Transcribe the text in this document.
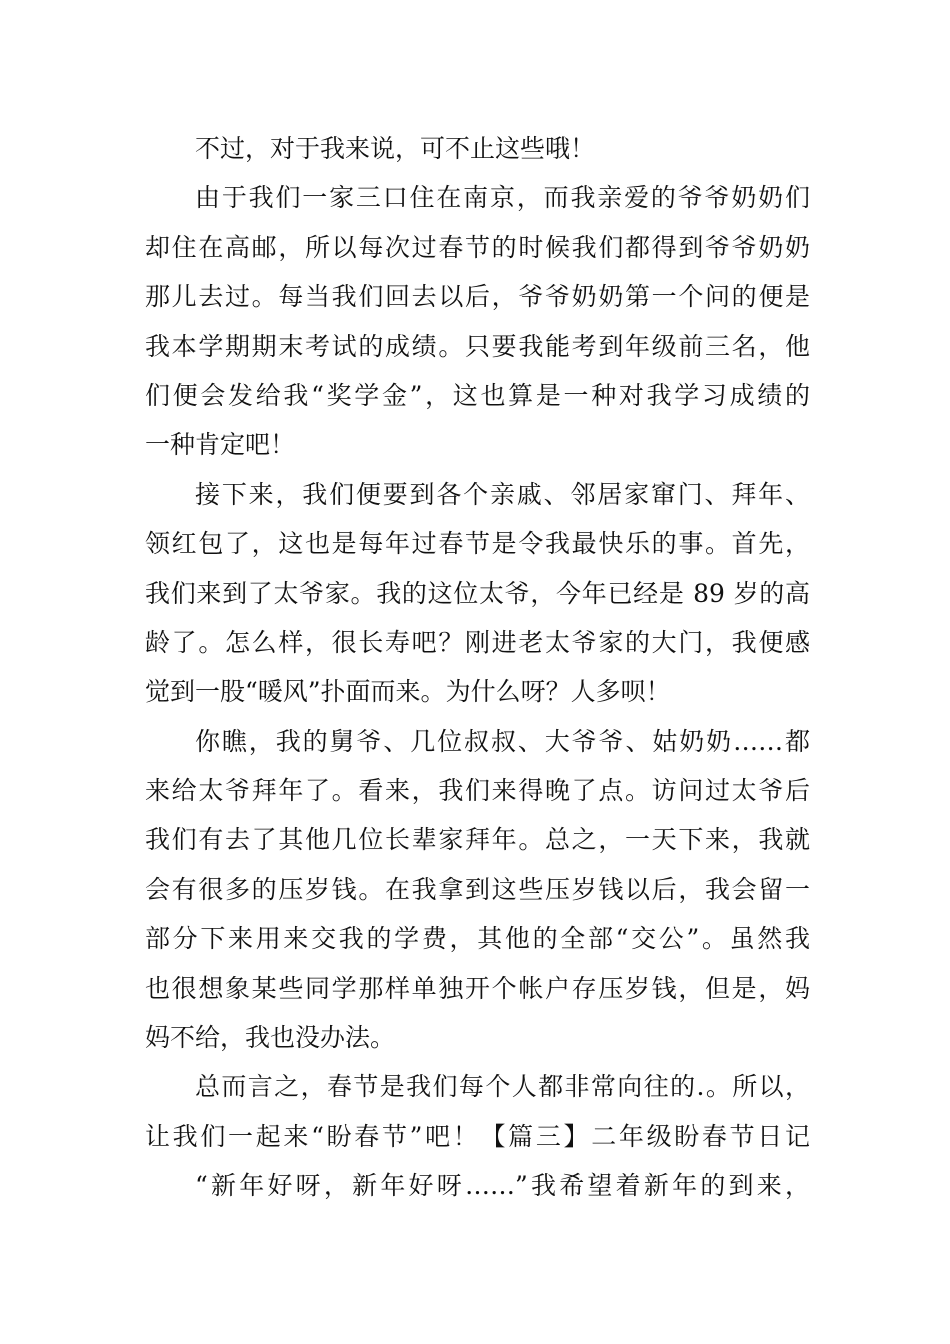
不过，对于我来说，可不止这些哦！
由于我们一家三口住在南京，而我亲爱的爷爷奶奶们
却住在高邮，所以每次过春节的时候我们都得到爷爷奶奶
那儿去过。每当我们回去以后，爷爷奶奶第一个问的便是
我本学期期末考试的成绩。只要我能考到年级前三名，他
们便会发给我“奖学金”，这也算是一种对我学习成绩的
一种肯定吧！
接下来，我们便要到各个亲戚、邻居家窜门、拜年、
领红包了，这也是每年过春节是令我最快乐的事。首先，
我们来到了太爷家。我的这位太爷，今年已经是 89 岁的高
龄了。怎么样，很长寿吧？刚进老太爷家的大门，我便感
觉到一股“暖风”扑面而来。为什么呀？人多呗！
你瞧，我的舅爷、几位叔叔、大爷爷、姑奶奶……都
来给太爷拜年了。看来，我们来得晚了点。访问过太爷后
我们有去了其他几位长辈家拜年。总之，一天下来，我就
会有很多的压岁钱。在我拿到这些压岁钱以后，我会留一
部分下来用来交我的学费，其他的全部“交公”。虽然我
也很想象某些同学那样单独开个帐户存压岁钱，但是，妈
妈不给，我也没办法。
总而言之，春节是我们每个人都非常向往的.。所以，
让我们一起来“盼春节”吧！【篇三】二年级盼春节日记
“新年好呀，新年好呀……”我希望着新年的到来，
